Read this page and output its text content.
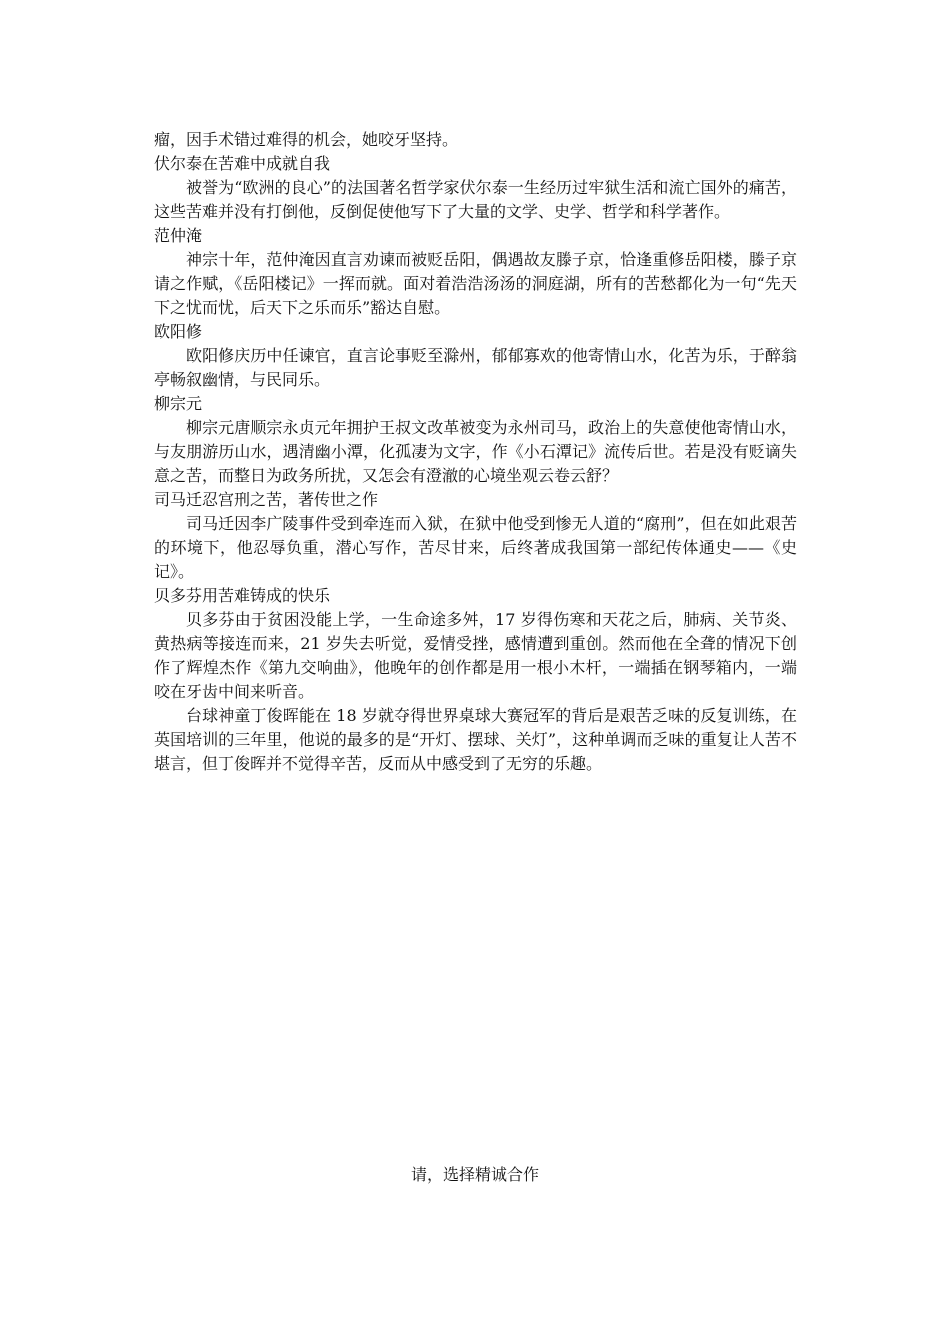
瘤，因手术错过难得的机会，她咬牙坚持。

伏尔泰在苦难中成就自我

被誉为“欧洲的良心”的法国著名哲学家伏尔泰一生经历过牢狱生活和流亡国外的痛苦，这些苦难并没有打倒他，反倒促使他写下了大量的文学、史学、哲学和科学著作。

范仲淹

神宗十年，范仲淹因直言劝谏而被贬岳阳，偶遇故友滕子京，恰逢重修岳阳楼，滕子京请之作赋，《岳阳楼记》一挥而就。面对着浩浩汤汤的洞庭湖，所有的苦愁都化为一句“先天下之忧而忧，后天下之乐而乐”豁达自慰。

欧阳修

欧阳修庆历中任谏官，直言论事贬至滁州，郁郁寡欢的他寄情山水，化苦为乐，于醉翁亭畅叙幽情，与民同乐。

柳宗元

柳宗元唐顺宗永贞元年拥护王叔文改革被变为永州司马，政治上的失意使他寄情山水，与友朋游历山水，遇清幽小潭，化孤凄为文字，作《小石潭记》流传后世。若是没有贬谪失意之苦，而整日为政务所扰，又怎会有澄澈的心境坐观云卷云舒？

司马迁忍宫刑之苦，著传世之作

司马迁因李广陵事件受到牵连而入狱，在狱中他受到惨无人道的“腐刑”，但在如此艰苦的环境下，他忍辱负重，潜心写作，苦尽甘来，后终著成我国第一部纪传体通史——《史记》。

贝多芬用苦难铸成的快乐

贝多芬由于贫困没能上学，一生命途多舛，17 岁得伤寒和天花之后，肺病、关节炎、黄热病等接连而来，21 岁失去听觉，爱情受挫，感情遭到重创。然而他在全聋的情况下创作了辉煌杰作《第九交响曲》，他晚年的创作都是用一根小木杆，一端插在钢琴箱内，一端咬在牙齿中间来听音。

台球神童丁俊晖能在 18 岁就夺得世界桌球大赛冠军的背后是艰苦乏味的反复训练，在英国培训的三年里，他说的最多的是“开灯、摆球、关灯”，这种单调而乏味的重复让人苦不堪言，但丁俊晖并不觉得辛苦，反而从中感受到了无穷的乐趣。

请，选择精诚合作
